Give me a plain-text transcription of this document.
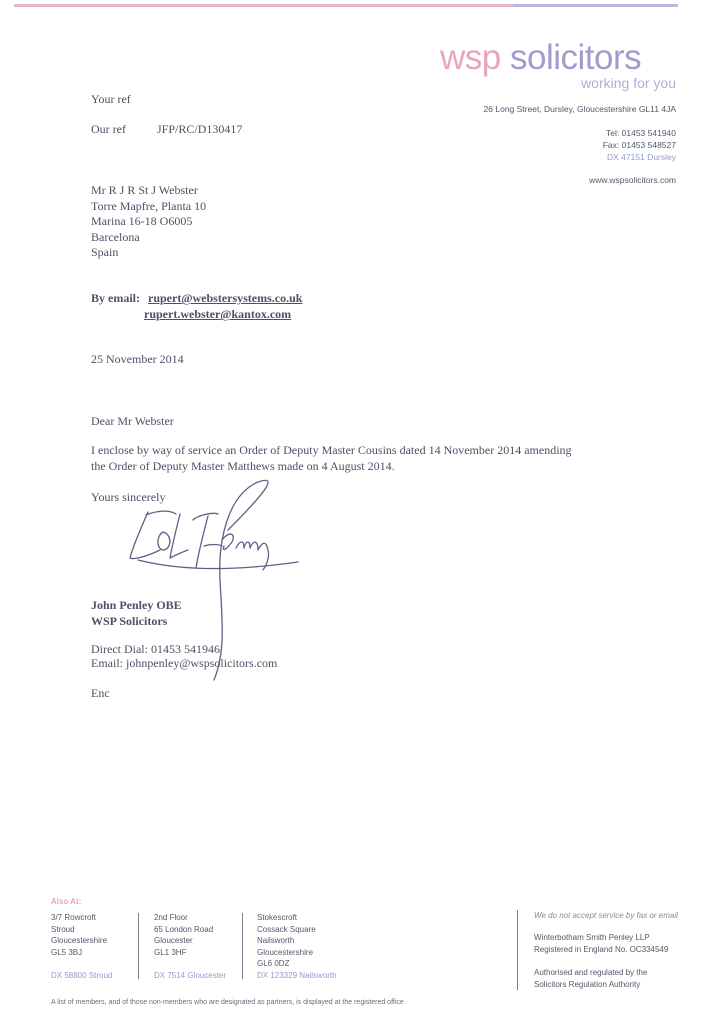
wsp solicitors
working for you
26 Long Street, Dursley, Gloucestershire GL11 4JA
Tel: 01453 541940
Fax: 01453 548527
DX 47151 Dursley
www.wspsolicitors.com
Your ref
Our ref	JFP/RC/D130417
Mr R J R St J Webster
Torre Mapfre, Planta 10
Marina 16-18 O6005
Barcelona
Spain
By email: rupert@webstersystems.co.uk
rupert.webster@kantox.com
25 November 2014
Dear Mr Webster
I enclose by way of service an Order of Deputy Master Cousins dated 14 November 2014 amending
the Order of Deputy Master Matthews made on 4 August 2014.
Yours sincerely
John Penley OBE
WSP Solicitors
Direct Dial: 01453 541946
Email: johnpenley@wspsolicitors.com
Enc
Also At:
3/7 Rowcroft
Stroud
Gloucestershire
GL5 3BJ
DX 58800 Stroud
2nd Floor
65 London Road
Gloucester
GL1 3HF
DX 7514 Gloucester
Stokescroft
Cossack Square
Nailsworth
Gloucestershire
GL6 0DZ
DX 123329 Nailsworth
We do not accept service by fax or email
Winterbotham Smith Penley LLP
Registered in England No. OC334549
Authorised and regulated by the
Solicitors Regulation Authority
A list of members, and of those non-members who are designated as partners, is displayed at the registered office
